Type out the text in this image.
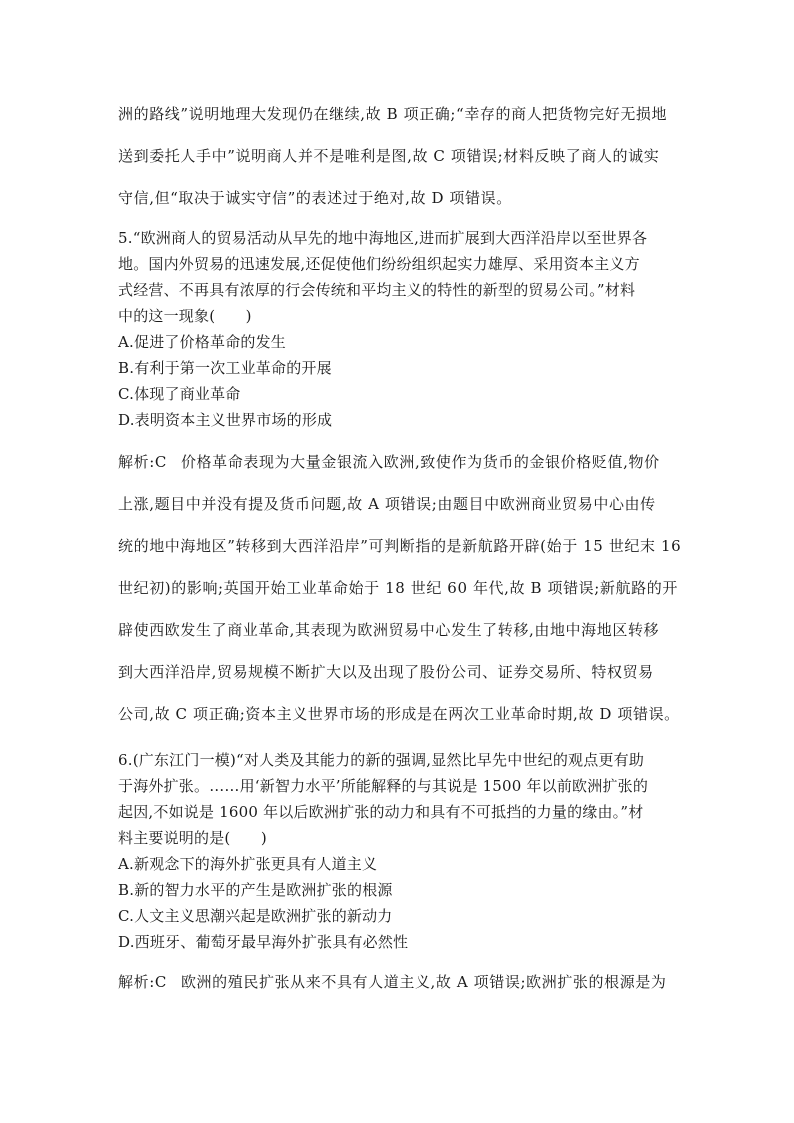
洲的路线”说明地理大发现仍在继续,故 B 项正确;“幸存的商人把货物完好无损地
送到委托人手中”说明商人并不是唯利是图,故 C 项错误;材料反映了商人的诚实
守信,但“取决于诚实守信”的表述过于绝对,故 D 项错误。
5.“欧洲商人的贸易活动从早先的地中海地区,进而扩展到大西洋沿岸以至世界各
地。国内外贸易的迅速发展,还促使他们纷纷组织起实力雄厚、采用资本主义方
式经营、不再具有浓厚的行会传统和平均主义的特性的新型的贸易公司。”材料
中的这一现象(　　)
A.促进了价格革命的发生
B.有利于第一次工业革命的开展
C.体现了商业革命
D.表明资本主义世界市场的形成
解析:C 价格革命表现为大量金银流入欧洲,致使作为货币的金银价格贬值,物价
上涨,题目中并没有提及货币问题,故 A 项错误;由题目中欧洲商业贸易中心由传
统的地中海地区”转移到大西洋沿岸”可判断指的是新航路开辟(始于 15 世纪末 16
世纪初)的影响;英国开始工业革命始于 18 世纪 60 年代,故 B 项错误;新航路的开
辟使西欧发生了商业革命,其表现为欧洲贸易中心发生了转移,由地中海地区转移
到大西洋沿岸,贸易规模不断扩大以及出现了股份公司、证券交易所、特权贸易
公司,故 C 项正确;资本主义世界市场的形成是在两次工业革命时期,故 D 项错误。
6.(广东江门一模)“对人类及其能力的新的强调,显然比早先中世纪的观点更有助
于海外扩张。……用‘新智力水平’所能解释的与其说是 1500 年以前欧洲扩张的
起因,不如说是 1600 年以后欧洲扩张的动力和具有不可抵挡的力量的缘由。”材
料主要说明的是(　　)
A.新观念下的海外扩张更具有人道主义
B.新的智力水平的产生是欧洲扩张的根源
C.人文主义思潮兴起是欧洲扩张的新动力
D.西班牙、葡萄牙最早海外扩张具有必然性
解析:C 欧洲的殖民扩张从来不具有人道主义,故 A 项错误;欧洲扩张的根源是为
